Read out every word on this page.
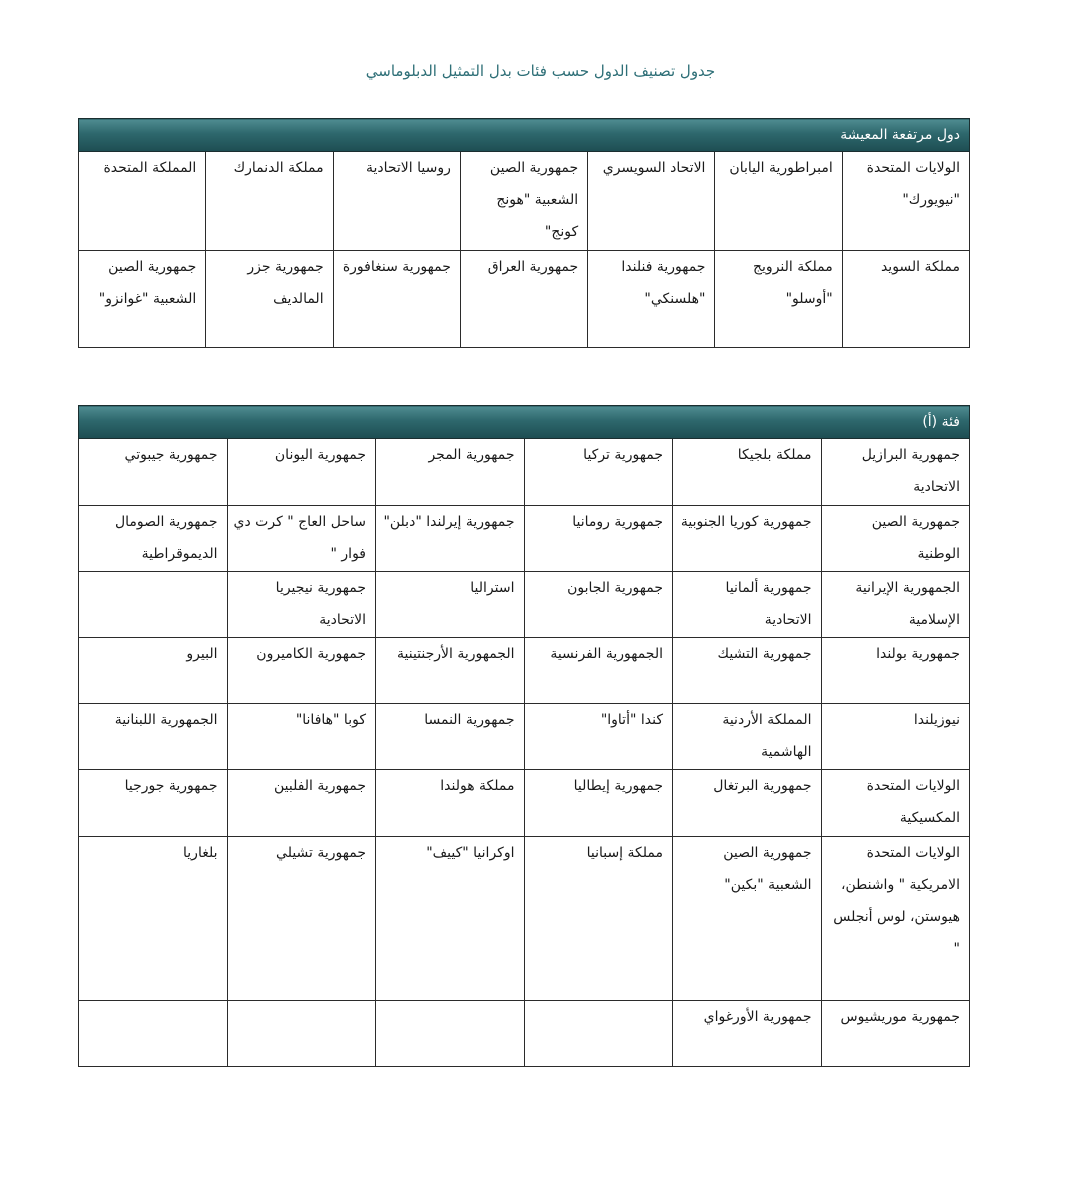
جدول تصنيف الدول حسب فئات بدل التمثيل الدبلوماسي
دول مرتفعة المعيشة						
الولايات المتحدة "نيويورك"	امبراطورية اليابان	الاتحاد السويسري	جمهورية الصين الشعبية "هونج كونج"	روسيا الاتحادية	مملكة الدنمارك	المملكة المتحدة
مملكة السويد	مملكة النرويج "أوسلو"	جمهورية فنلندا "هلسنكي"	جمهورية العراق	جمهورية سنغافورة	جمهورية جزر المالديف	جمهورية الصين الشعبية "غوانزو"
فئة (أ)					
جمهورية البرازيل الاتحادية	مملكة بلجيكا	جمهورية تركيا	جمهورية المجر	جمهورية اليونان	جمهورية جيبوتي
جمهورية الصين الوطنية	جمهورية كوريا الجنوبية	جمهورية رومانيا	جمهورية إيرلندا "دبلن"	ساحل العاج " كرت دي فوار "	جمهورية الصومال الديموقراطية
الجمهورية الإيرانية الإسلامية	جمهورية ألمانيا الاتحادية	جمهورية الجابون	استراليا	جمهورية نيجيريا الاتحادية	
جمهورية بولندا	جمهورية التشيك	الجمهورية الفرنسية	الجمهورية الأرجنتينية	جمهورية الكاميرون	البيرو
نيوزيلندا	المملكة الأردنية الهاشمية	كندا "أتاوا"	جمهورية النمسا	كوبا "هافانا"	الجمهورية اللبنانية
الولايات المتحدة المكسيكية	جمهورية البرتغال	جمهورية إيطاليا	مملكة هولندا	جمهورية الفلبين	جمهورية جورجيا
الولايات المتحدة الامريكية " واشنطن، هيوستن، لوس أنجلس "	جمهورية الصين الشعبية "بكين"	مملكة إسبانيا	اوكرانيا "كييف"	جمهورية تشيلي	بلغاريا
جمهورية موريشيوس	جمهورية الأورغواي				
